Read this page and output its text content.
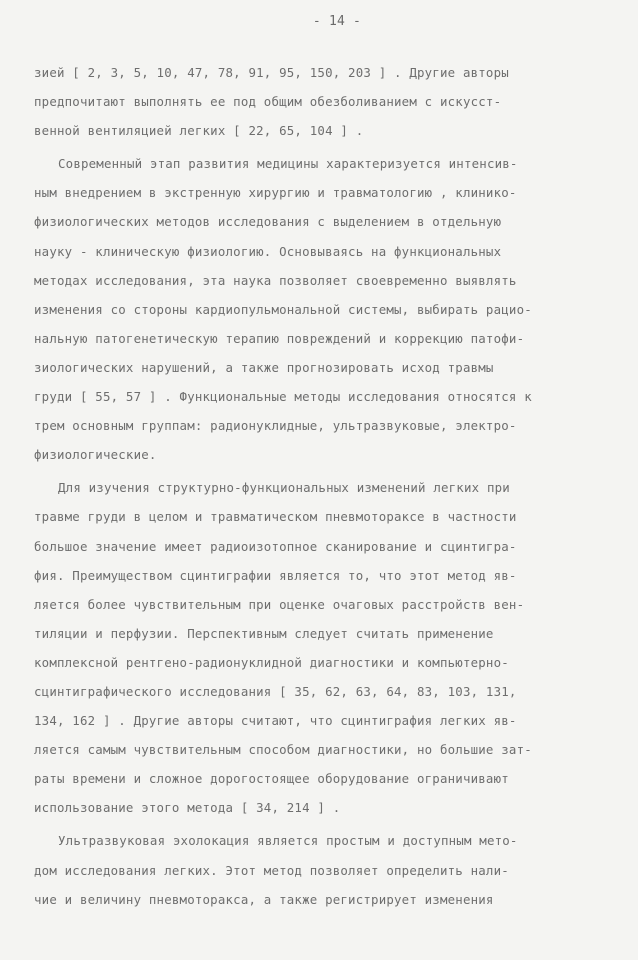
- 14 -
зией [ 2, 3, 5, 10, 47, 78, 91, 95, 150, 203 ] . Другие авторы
предпочитают выполнять ее под общим обезболиванием с искусст-
венной вентиляцией легких [ 22, 65, 104 ] .
Современный этап развития медицины характеризуется интенсив-
ным внедрением в экстренную хирургию и травматологию , клинико-
физиологических методов исследования с выделением в отдельную
науку - клиническую физиологию. Основываясь на функциональных
методах исследования, эта наука позволяет своевременно выявлять
изменения со стороны кардиопульмональной системы, выбирать рацио-
нальную патогенетическую терапию повреждений и коррекцию патофи-
зиологических нарушений, а также прогнозировать исход травмы
груди [ 55, 57 ] . Функциональные методы исследования относятся к
трем основным группам: радионуклидные, ультразвуковые, электро-
физиологические.
Для изучения структурно-функциональных изменений легких при
травме груди в целом и травматическом пневмотораксе в частности
большое значение имеет радиоизотопное сканирование и сцинтигра-
фия. Преимуществом сцинтиграфии является то, что этот метод яв-
ляется более чувствительным при оценке очаговых расстройств вен-
тиляции и перфузии. Перспективным следует считать применение
комплексной рентгено-радионуклидной диагностики и компьютерно-
сцинтиграфического исследования [ 35, 62, 63, 64, 83, 103, 131,
134, 162 ] . Другие авторы считают, что сцинтиграфия легких яв-
ляется самым чувствительным способом диагностики, но большие зат-
раты времени и сложное дорогостоящее оборудование ограничивают
использование этого метода [ 34, 214 ] .
Ультразвуковая эхолокация является простым и доступным мето-
дом исследования легких. Этот метод позволяет определить нали-
чие и величину пневмоторакса, а также регистрирует изменения
